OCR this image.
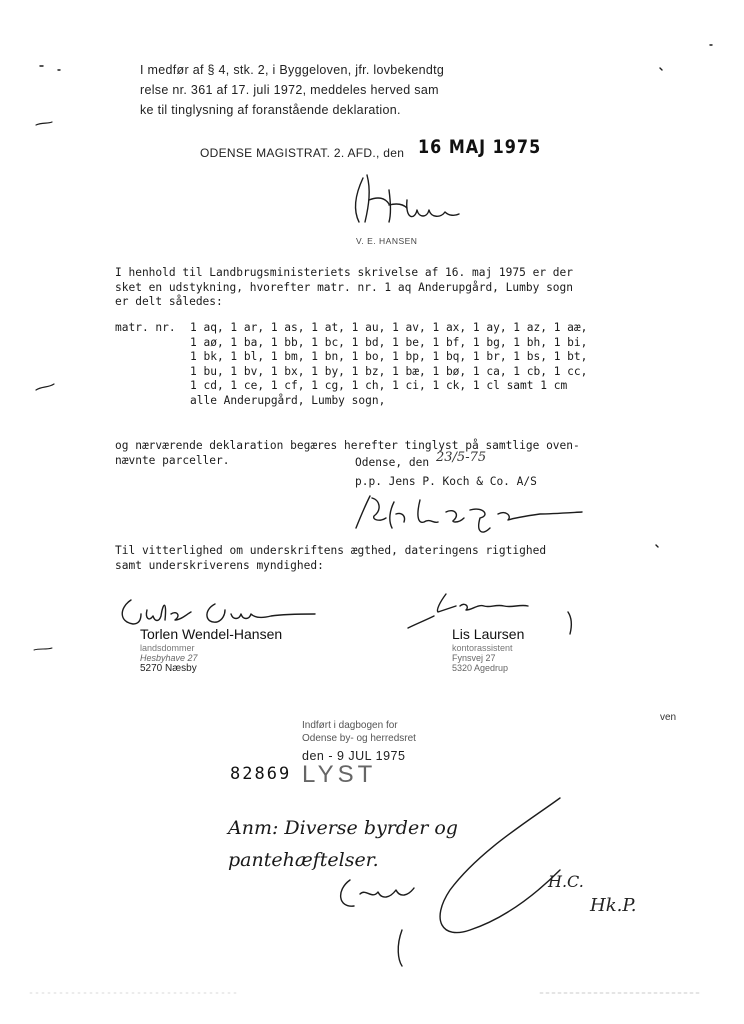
I medfør af § 4, stk. 2, i Byggeloven, jfr. lovbekendtg
relse nr. 361 af 17. juli 1972, meddeles herved sam
ke til tinglysning af foranstående deklaration.
ODENSE MAGISTRAT. 2. AFD., den 16 MAJ 1975
V. E. HANSEN
I henhold til Landbrugsministeriets skrivelse af 16. maj 1975 er der
sket en udstykning, hvorefter matr. nr. 1 aq Anderupgård, Lumby sogn
er delt således:
matr. nr. 1 aq, 1 ar, 1 as, 1 at, 1 au, 1 av, 1 ax, 1 ay, 1 az, 1 aæ,
1 aø, 1 ba, 1 bb, 1 bc, 1 bd, 1 be, 1 bf, 1 bg, 1 bh, 1 bi,
1 bk, 1 bl, 1 bm, 1 bn, 1 bo, 1 bp, 1 bq, 1 br, 1 bs, 1 bt,
1 bu, 1 bv, 1 bx, 1 by, 1 bz, 1 bæ, 1 bø, 1 ca, 1 cb, 1 cc,
1 cd, 1 ce, 1 cf, 1 cg, 1 ch, 1 ci, 1 ck, 1 cl samt 1 cm
alle Anderupgård, Lumby sogn,
og nærværende deklaration begæres herefter tinglyst på samtlige oven-
nævnte parceller.	Odense, den 23/5-75
p.p. Jens P. Koch & Co. A/S
Til vitterlighed om underskriftens ægthed, dateringens rigtighed
samt underskriverens myndighed:
Torlen Wendel-Hansen
landsdommer
Hesbyhave 27
5270 Næsby
Lis Laursen
kontorassistent
Fynsvej 27
5320 Agedrup
ven
82869
Indført i dagbogen for
Odense by- og herredsret
den - 9 JUL 1975
LYST
Anm: Diverse byrder og pantehæftelser.
H.C.
Hk.P.
